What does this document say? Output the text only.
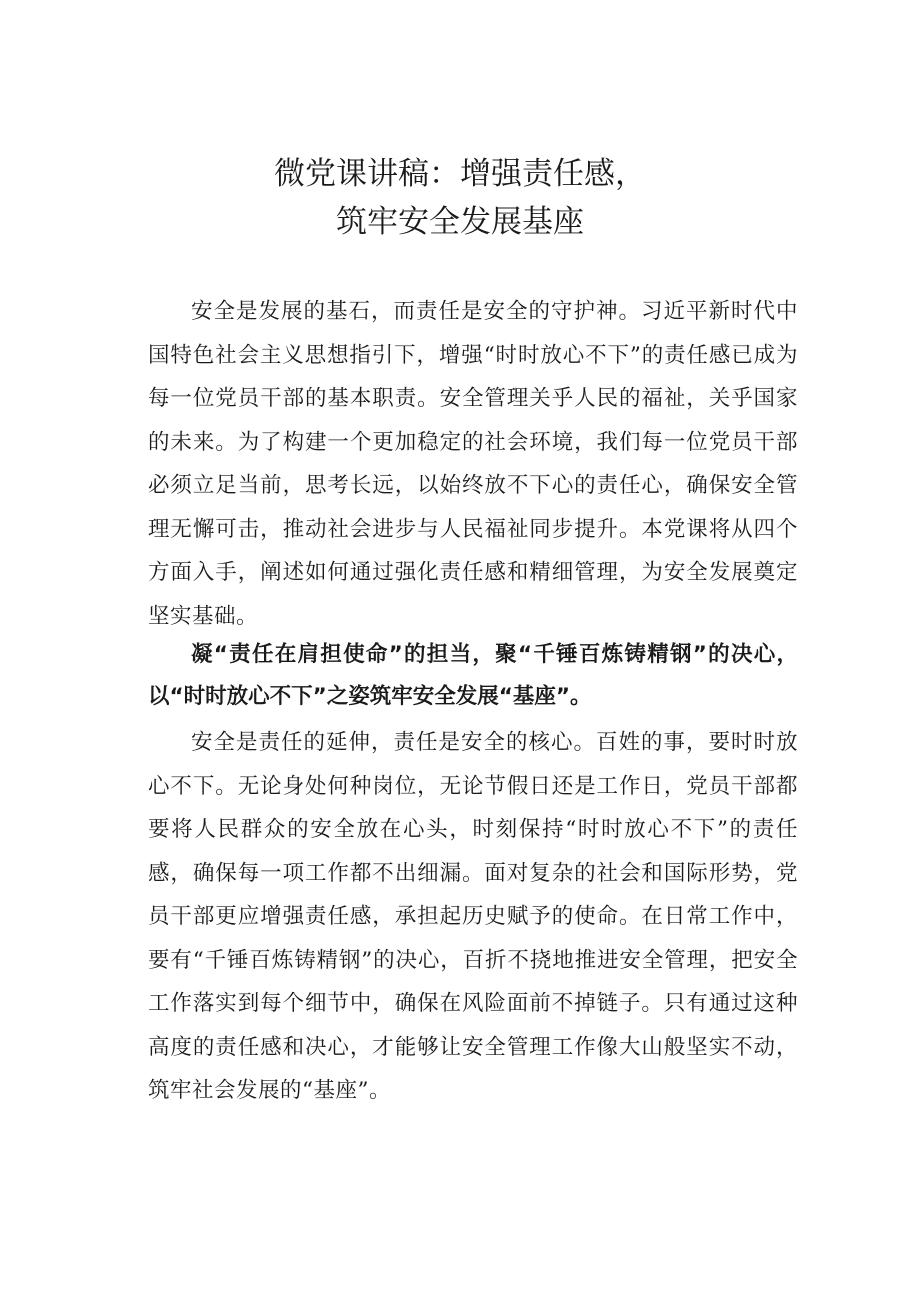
微党课讲稿：增强责任感，
筑牢安全发展基座

安全是发展的基石，而责任是安全的守护神。习近平新时代中国特色社会主义思想指引下，增强“时时放心不下”的责任感已成为每一位党员干部的基本职责。安全管理关乎人民的福祉，关乎国家的未来。为了构建一个更加稳定的社会环境，我们每一位党员干部必须立足当前，思考长远，以始终放不下心的责任心，确保安全管理无懈可击，推动社会进步与人民福祉同步提升。本党课将从四个方面入手，阐述如何通过强化责任感和精细管理，为安全发展奠定坚实基础。

凝“责任在肩担使命”的担当，聚“千锤百炼铸精钢”的决心，以“时时放心不下”之姿筑牢安全发展“基座”。

安全是责任的延伸，责任是安全的核心。百姓的事，要时时放心不下。无论身处何种岗位，无论节假日还是工作日，党员干部都要将人民群众的安全放在心头，时刻保持“时时放心不下”的责任感，确保每一项工作都不出细漏。面对复杂的社会和国际形势，党员干部更应增强责任感，承担起历史赋予的使命。在日常工作中，要有“千锤百炼铸精钢”的决心，百折不挠地推进安全管理，把安全工作落实到每个细节中，确保在风险面前不掉链子。只有通过这种高度的责任感和决心，才能够让安全管理工作像大山般坚实不动，筑牢社会发展的“基座”。
